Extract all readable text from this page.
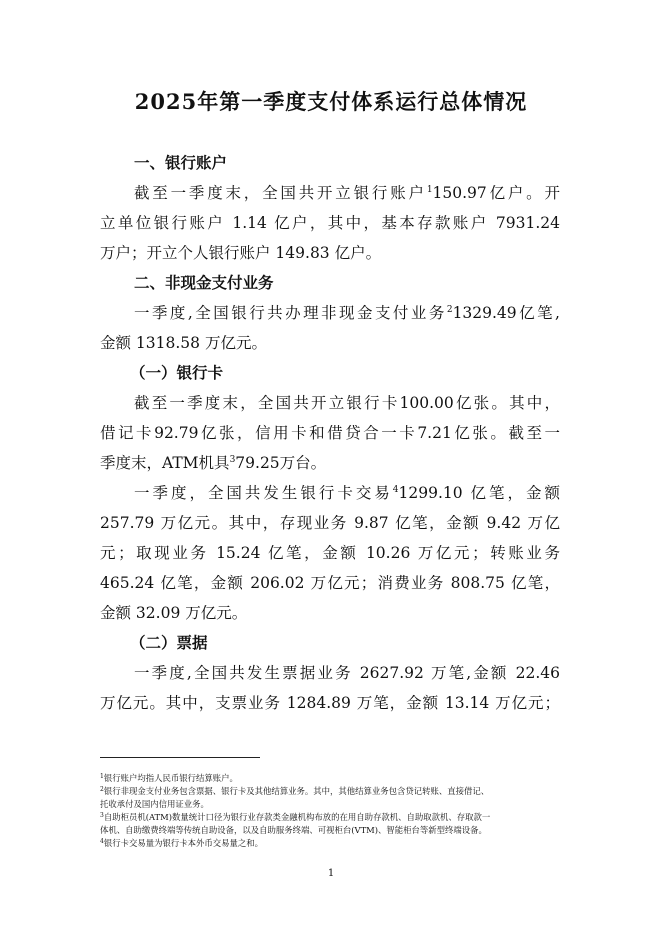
2025年第一季度支付体系运行总体情况
一、银行账户
截至一季度末，全国共开立银行账户$^1$150.97亿户。开
立单位银行账户 1.14 亿户，其中，基本存款账户 7931.24
万户；开立个人银行账户 149.83 亿户。
二、非现金支付业务
一季度,全国银行共办理非现金支付业务$^2$1329.49亿笔,
金额 1318.58 万亿元。
（一）银行卡
截至一季度末，全国共开立银行卡100.00亿张。其中，
借记卡92.79亿张，信用卡和借贷合一卡7.21亿张。截至一
季度末，ATM机具$^3$79.25万台。
一季度，全国共发生银行卡交易$^4$1299.10 亿笔，金额
257.79 万亿元。其中，存现业务 9.87 亿笔，金额 9.42 万亿
元；取现业务 15.24 亿笔，金额 10.26 万亿元；转账业务
465.24 亿笔，金额 206.02 万亿元；消费业务 808.75 亿笔，
金额 32.09 万亿元。
（二）票据
一季度,全国共发生票据业务 2627.92 万笔,金额 22.46
万亿元。其中，支票业务 1284.89 万笔，金额 13.14 万亿元；
$^1$银行账户均指人民币银行结算账户。
$^2$银行非现金支付业务包含票据、银行卡及其他结算业务。其中，其他结算业务包含贷记转账、直接借记、
托收承付及国内信用证业务。
$^3$自助柜员机(ATM)数量统计口径为银行业存款类金融机构布放的在用自助存款机、自助取款机、存取款一
体机、自助缴费终端等传统自助设备，以及自助服务终端、可视柜台(VTM)、智能柜台等新型终端设备。
$^4$银行卡交易量为银行卡本外币交易量之和。
1
